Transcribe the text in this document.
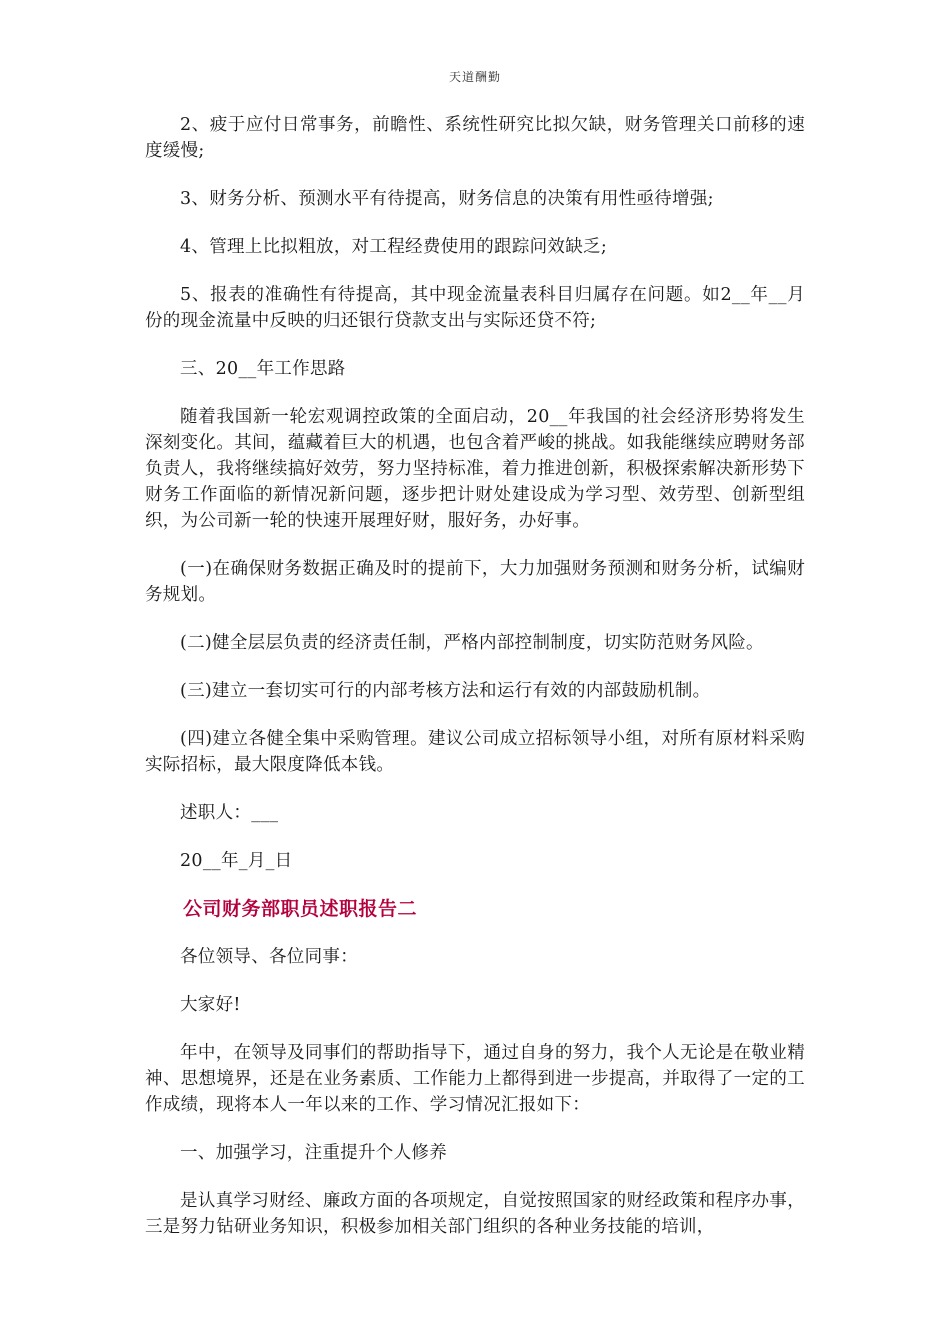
天道酬勤

2、疲于应付日常事务，前瞻性、系统性研究比拟欠缺，财务管理关口前移的速度缓慢;

3、财务分析、预测水平有待提高，财务信息的决策有用性亟待增强;

4、管理上比拟粗放，对工程经费使用的跟踪问效缺乏;

5、报表的准确性有待提高，其中现金流量表科目归属存在问题。如2__年__月份的现金流量中反映的归还银行贷款支出与实际还贷不符;

三、20__年工作思路

随着我国新一轮宏观调控政策的全面启动，20__年我国的社会经济形势将发生深刻变化。其间，蕴藏着巨大的机遇，也包含着严峻的挑战。如我能继续应聘财务部负责人，我将继续搞好效劳，努力坚持标准，着力推进创新，积极探索解决新形势下财务工作面临的新情况新问题，逐步把计财处建设成为学习型、效劳型、创新型组织，为公司新一轮的快速开展理好财，服好务，办好事。

(一)在确保财务数据正确及时的提前下，大力加强财务预测和财务分析，试编财务规划。

(二)健全层层负责的经济责任制，严格内部控制制度，切实防范财务风险。

(三)建立一套切实可行的内部考核方法和运行有效的内部鼓励机制。

(四)建立各健全集中采购管理。建议公司成立招标领导小组，对所有原材料采购实际招标，最大限度降低本钱。

述职人：___

20__年_月_日

公司财务部职员述职报告二

各位领导、各位同事：

大家好!

年中，在领导及同事们的帮助指导下，通过自身的努力，我个人无论是在敬业精神、思想境界，还是在业务素质、工作能力上都得到进一步提高，并取得了一定的工作成绩，现将本人一年以来的工作、学习情况汇报如下：

一、加强学习，注重提升个人修养

是认真学习财经、廉政方面的各项规定，自觉按照国家的财经政策和程序办事，三是努力钻研业务知识，积极参加相关部门组织的各种业务技能的培训，
